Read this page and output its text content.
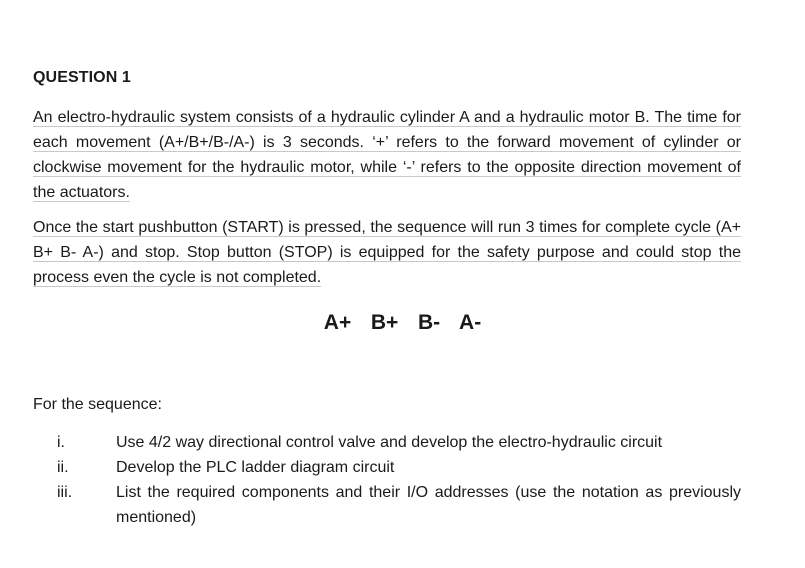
QUESTION 1
An electro-hydraulic system consists of a hydraulic cylinder A and a hydraulic motor B. The time for each movement (A+/B+/B-/A-) is 3 seconds. ‘+’ refers to the forward movement of cylinder or clockwise movement for the hydraulic motor, while ‘-’ refers to the opposite direction movement of the actuators.
Once the start pushbutton (START) is pressed, the sequence will run 3 times for complete cycle (A+ B+ B- A-) and stop. Stop button (STOP) is equipped for the safety purpose and could stop the process even the cycle is not completed.
A+  B+  B-  A-
For the sequence:
i.	Use 4/2 way directional control valve and develop the electro-hydraulic circuit
ii.	Develop the PLC ladder diagram circuit
iii.	List the required components and their I/O addresses (use the notation as previously mentioned)
